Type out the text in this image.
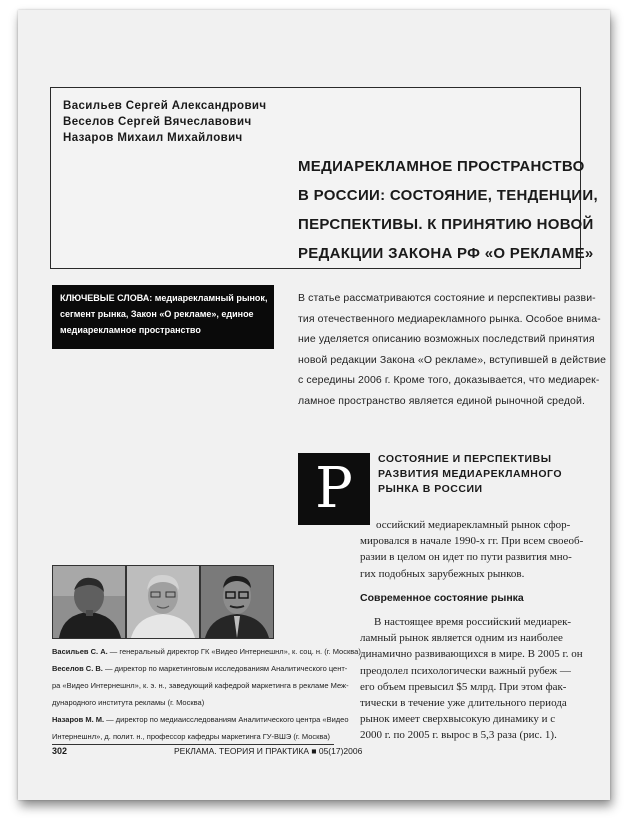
Васильев Сергей Александрович
Веселов Сергей Вячеславович
Назаров Михаил Михайлович
МЕДИАРЕКЛАМНОЕ ПРОСТРАНСТВО
В РОССИИ: СОСТОЯНИЕ, ТЕНДЕНЦИИ,
ПЕРСПЕКТИВЫ. К ПРИНЯТИЮ НОВОЙ
РЕДАКЦИИ ЗАКОНА РФ «О РЕКЛАМЕ»
КЛЮЧЕВЫЕ СЛОВА: медиарекламный рынок,
сегмент рынка, Закон «О рекламе», единое
медиарекламное пространство
В статье рассматриваются состояние и перспективы разви-
тия отечественного медиарекламного рынка. Особое внима-
ние уделяется описанию возможных последствий принятия
новой редакции Закона «О рекламе», вступившей в действие
с середины 2006 г. Кроме того, доказывается, что медиарек-
ламное пространство является единой рыночной средой.
Р	СОСТОЯНИЕ И ПЕРСПЕКТИВЫ
РАЗВИТИЯ МЕДИАРЕКЛАМНОГО
РЫНКА В РОССИИ
оссийский медиарекламный рынок сфор-
мировался в начале 1990-х гг. При всем своеоб-
разии в целом он идет по пути развития мно-
гих подобных зарубежных рынков.
Современное состояние рынка
В настоящее время российский медиарек-
ламный рынок является одним из наиболее
динамично развивающихся в мире. В 2005 г. он
преодолел психологически важный рубеж —
его объем превысил $5 млрд. При этом фак-
тически в течение уже длительного периода
рынок имеет сверхвысокую динамику и с
2000 г. по 2005 г. вырос в 5,3 раза (рис. 1).
Васильев С. А. — генеральный директор ГК «Видео Интернешнл», к. соц. н. (г. Москва)
Веселов С. В. — директор по маркетинговым исследованиям Аналитического цент-
ра «Видео Интернешнл», к. э. н., заведующий кафедрой маркетинга в рекламе Меж-
дународного института рекламы (г. Москва)
Назаров М. М. — директор по медиаисследованиям Аналитического центра «Видео
Интернешнл», д. полит. н., профессор кафедры маркетинга ГУ-ВШЭ (г. Москва)
302	РЕКЛАМА. ТЕОРИЯ И ПРАКТИКА ■ 05(17)2006
